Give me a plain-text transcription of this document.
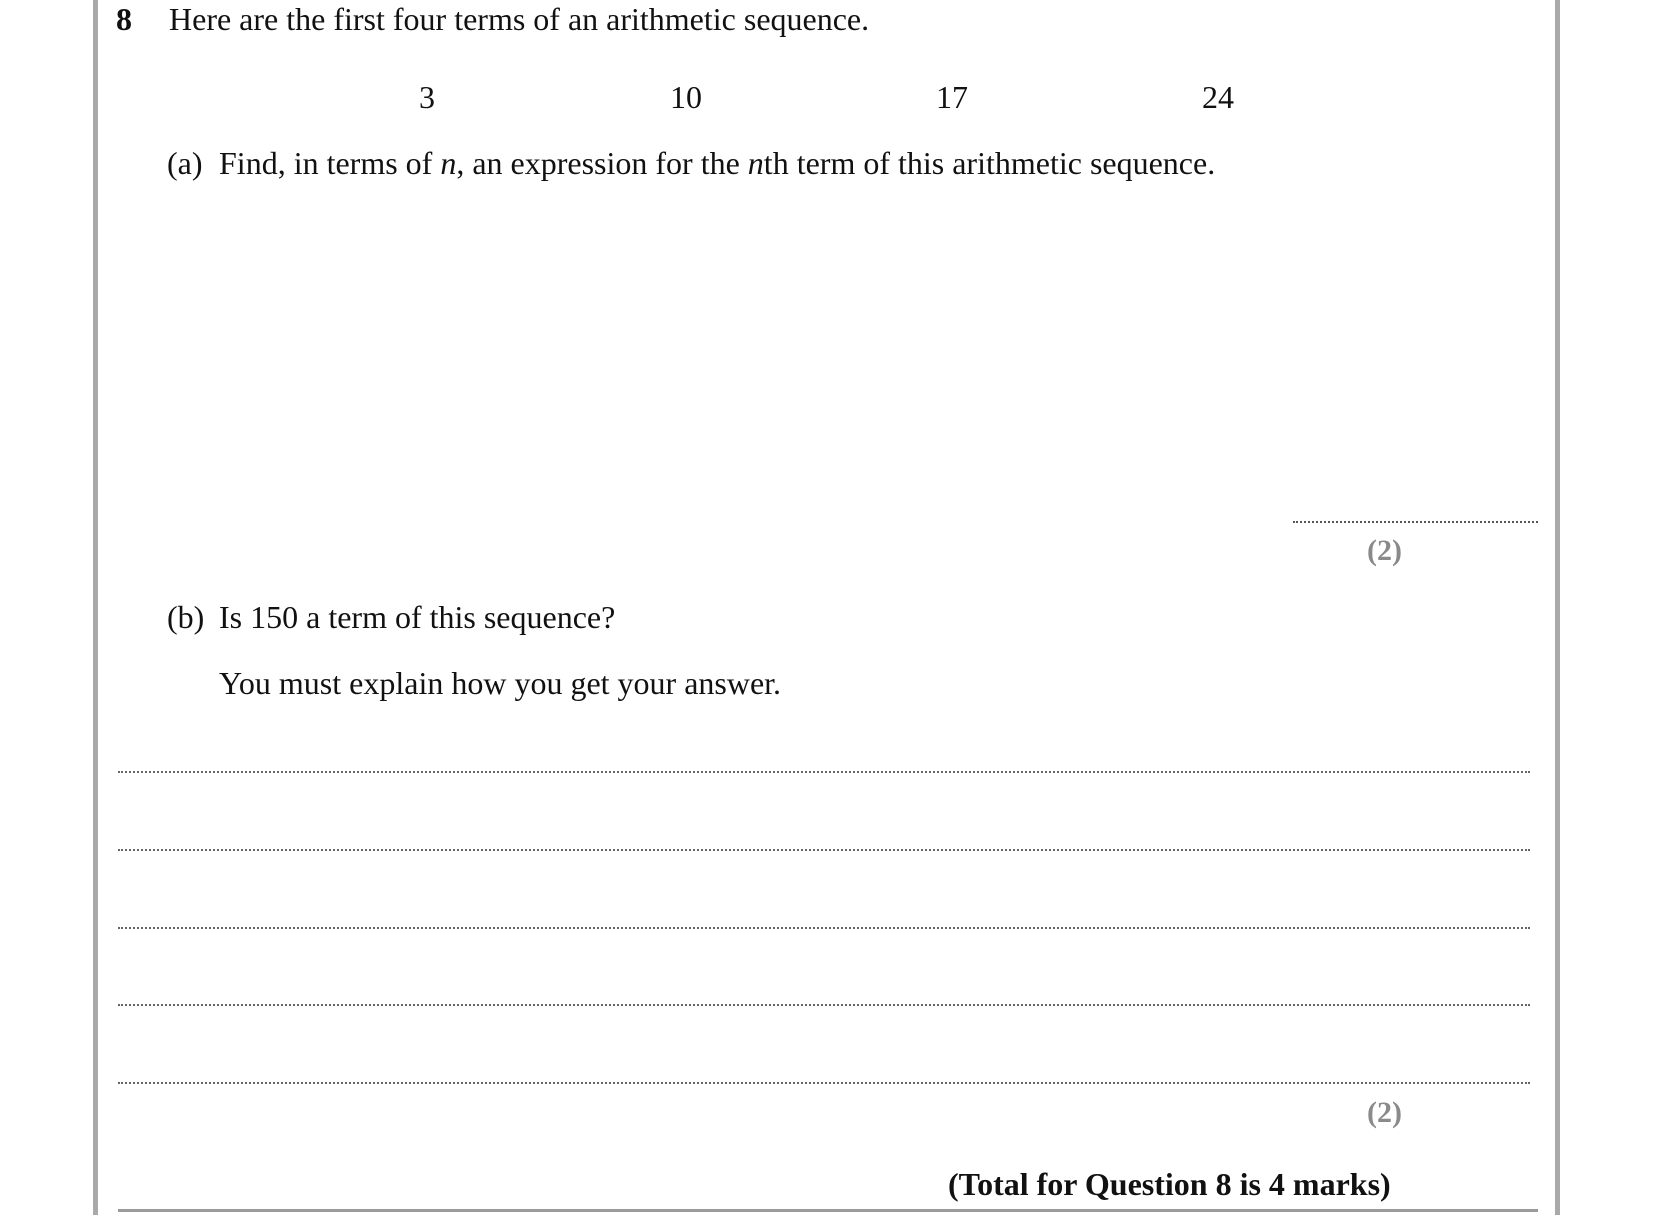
8 Here are the first four terms of an arithmetic sequence.
3	10	17	24
(a) Find, in terms of n, an expression for the nth term of this arithmetic sequence.
(2)
(b) Is 150 a term of this sequence?
You must explain how you get your answer.
(2)
(Total for Question 8 is 4 marks)
